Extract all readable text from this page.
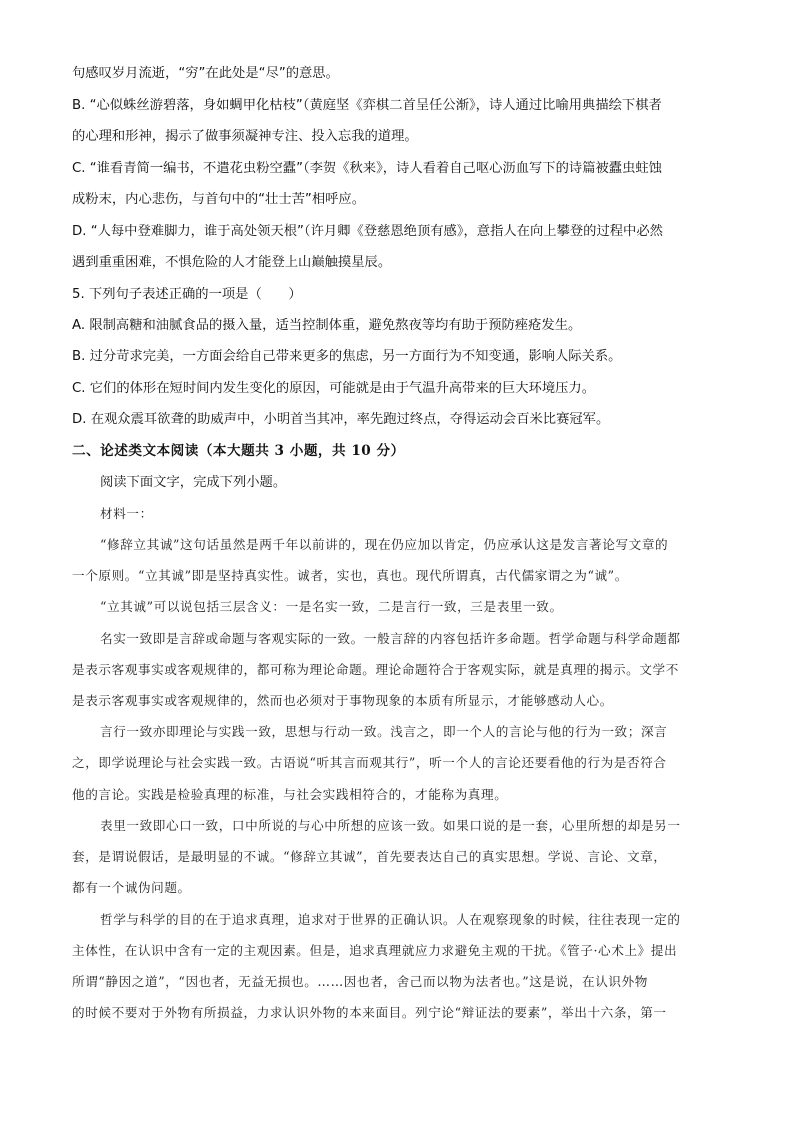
句感叹岁月流逝，“穷”在此处是“尽”的意思。
B. “心似蛛丝游碧落，身如蜩甲化枯枝”（黄庭坚《弈棋二首呈任公渐》，诗人通过比喻用典描绘下棋者
的心理和形神，揭示了做事须凝神专注、投入忘我的道理。
C. “谁看青简一编书，不遣花虫粉空蠹”（李贺《秋来》，诗人看着自己呕心沥血写下的诗篇被蠹虫蛀蚀
成粉末，内心悲伤，与首句中的“壮士苦”相呼应。
D. “人每中登难脚力，谁于高处领天根”（许月卿《登慈恩绝顶有感》，意指人在向上攀登的过程中必然
遇到重重困难，不惧危险的人才能登上山巅触摸星辰。
5. 下列句子表述正确的一项是（　　）
A. 限制高糖和油腻食品的摄入量，适当控制体重，避免熬夜等均有助于预防痤疮发生。
B. 过分苛求完美，一方面会给自己带来更多的焦虑，另一方面行为不知变通，影响人际关系。
C. 它们的体形在短时间内发生变化的原因，可能就是由于气温升高带来的巨大环境压力。
D. 在观众震耳欲聋的助威声中，小明首当其冲，率先跑过终点，夺得运动会百米比赛冠军。
二、论述类文本阅读（本大题共 3 小题，共 10 分）
阅读下面文字，完成下列小题。
材料一：
“修辞立其诚”这句话虽然是两千年以前讲的，现在仍应加以肯定，仍应承认这是发言著论写文章的
一个原则。“立其诚”即是坚持真实性。诚者，实也，真也。现代所谓真，古代儒家谓之为“诚”。
“立其诚”可以说包括三层含义：一是名实一致，二是言行一致，三是表里一致。
名实一致即是言辞或命题与客观实际的一致。一般言辞的内容包括许多命题。哲学命题与科学命题都
是表示客观事实或客观规律的，都可称为理论命题。理论命题符合于客观实际，就是真理的揭示。文学不
是表示客观事实或客观规律的，然而也必须对于事物现象的本质有所显示，才能够感动人心。
言行一致亦即理论与实践一致，思想与行动一致。浅言之，即一个人的言论与他的行为一致；深言
之，即学说理论与社会实践一致。古语说“听其言而观其行”，听一个人的言论还要看他的行为是否符合
他的言论。实践是检验真理的标准，与社会实践相符合的，才能称为真理。
表里一致即心口一致，口中所说的与心中所想的应该一致。如果口说的是一套，心里所想的却是另一
套，是谓说假话，是最明显的不诚。“修辞立其诚”，首先要表达自己的真实思想。学说、言论、文章，
都有一个诚伪问题。
哲学与科学的目的在于追求真理，追求对于世界的正确认识。人在观察现象的时候，往往表现一定的
主体性，在认识中含有一定的主观因素。但是，追求真理就应力求避免主观的干扰。《管子·心术上》提出
所谓“静因之道”，“因也者，无益无损也。……因也者，舍己而以物为法者也。”这是说，在认识外物
的时候不要对于外物有所损益，力求认识外物的本来面目。列宁论“辩证法的要素”，举出十六条，第一
